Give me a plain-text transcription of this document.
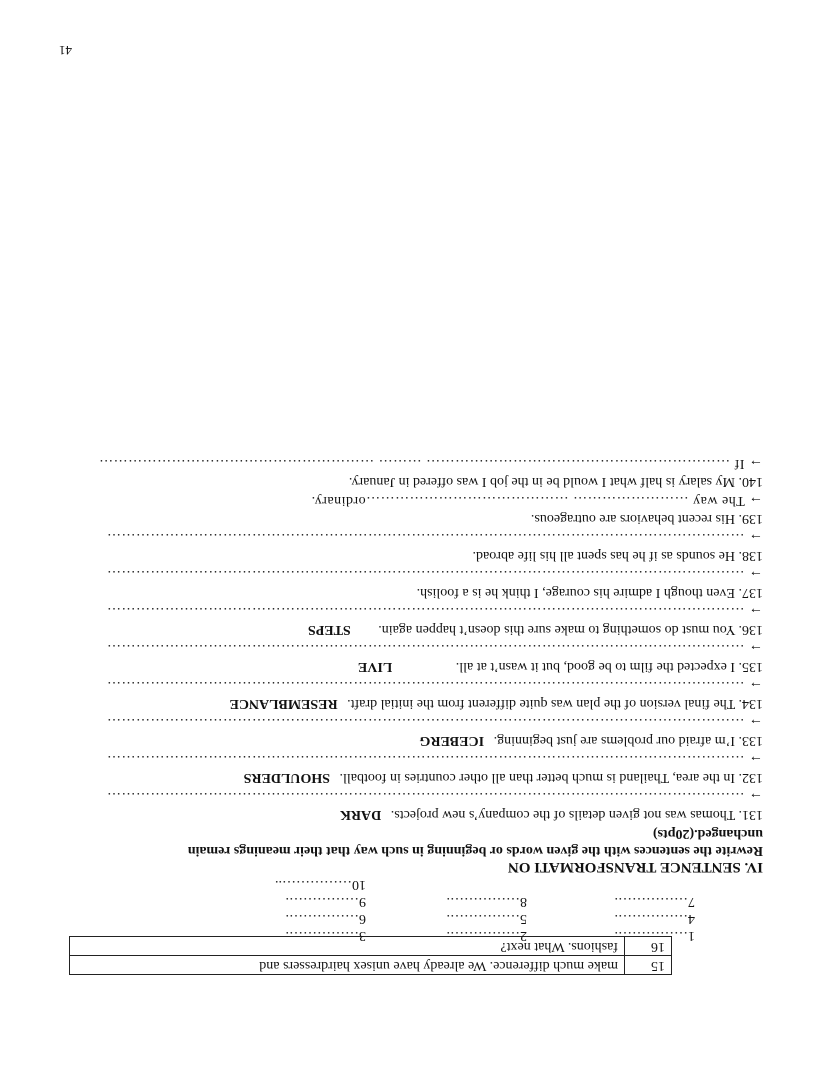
15	make much difference. We already have unisex hairdressers and
16	fashions. What next?
1…………….
2…………….
3…………….
4…………….
5…………….
6…………….
7…………….
8…………….
9…………….
10……………..
IV. SENTENCE TRANSFORMATI ON
Rewrite the sentences with the given words or beginning in such way that their meanings remain
unchanged.(20pts)
131. Thomas was not given details of the company’s new projects. DARK
→ ……………………………………………………………………………………………………………………
132. In the area, Thailand is much better than all other countries in football. SHOULDERS
→ ……………………………………………………………………………………………………………………
133. I’m afraid our problems are just beginning. ICEBERG
→ ……………………………………………………………………………………………………………………
134. The final version of the plan was quite different from the initial draft. RESEMBLANCE
→ ……………………………………………………………………………………………………………………
135. I expected the film to be good, but it wasn’t at all. LIVE
→ ……………………………………………………………………………………………………………………
136. You must do something to make sure this doesn’t happen again. STEPS
→ ……………………………………………………………………………………………………………………
137. Even though I admire his courage, I think he is a foolish.
→ ……………………………………………………………………………………………………………………
138. He sounds as if he has spent all his life abroad.
→ ……………………………………………………………………………………………………………………
139. His recent behaviors are outrageous.
→ The way …………………… ……………………………………ordinary.
140. My salary is half what I would be in the job I was offered in January.
→ If ……………………………………………………… ……… …………………………………………………
41
